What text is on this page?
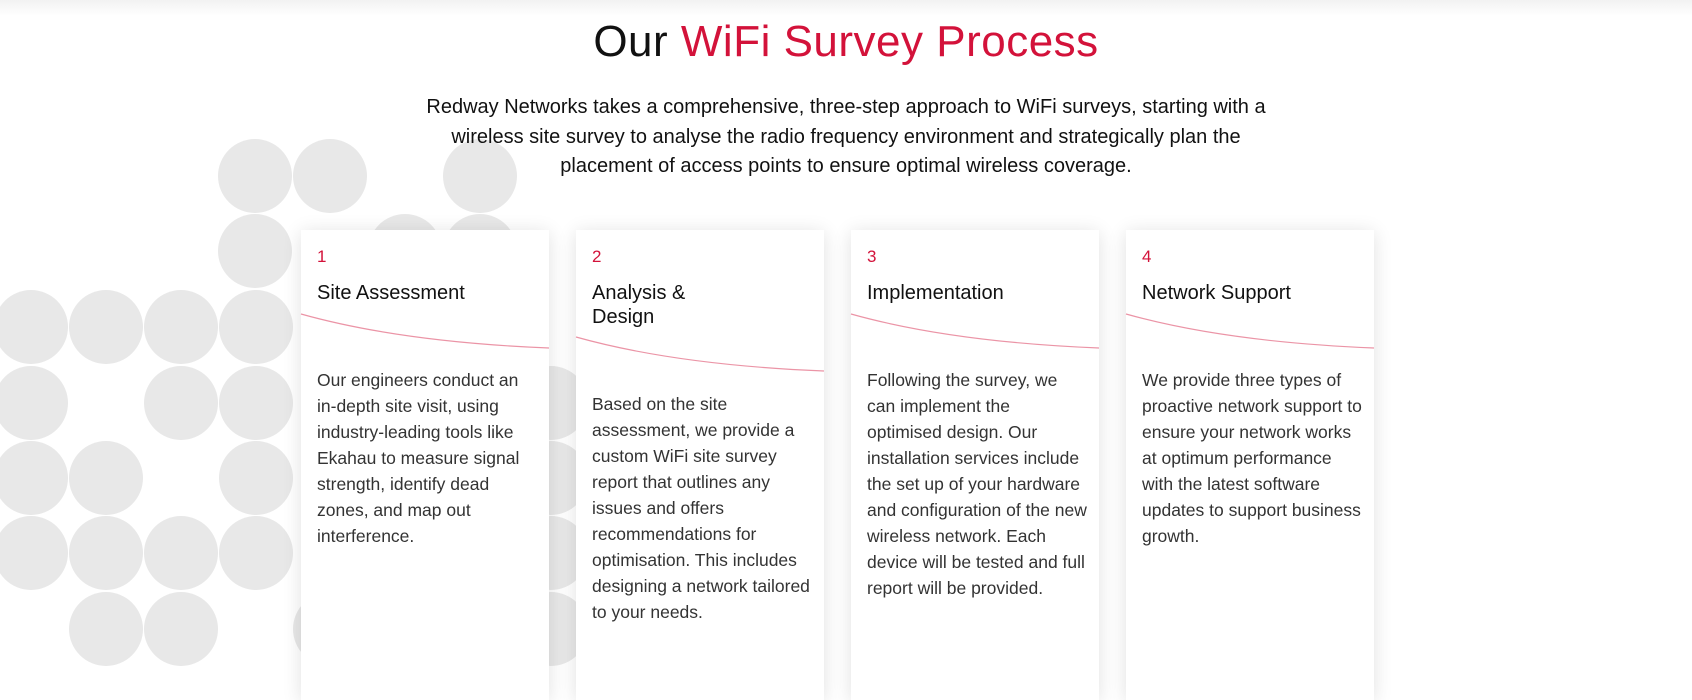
Our WiFi Survey Process

Redway Networks takes a comprehensive, three-step approach to WiFi surveys, starting with a wireless site survey to analyse the radio frequency environment and strategically plan the placement of access points to ensure optimal wireless coverage.

1
Site Assessment
Our engineers conduct an in-depth site visit, using industry-leading tools like Ekahau to measure signal strength, identify dead zones, and map out interference.
2
Analysis & Design
Based on the site assessment, we provide a custom WiFi site survey report that outlines any issues and offers recommendations for optimisation. This includes designing a network tailored to your needs.
3
Implementation
Following the survey, we can implement the optimised design. Our installation services include the set up of your hardware and configuration of the new wireless network. Each device will be tested and full report will be provided.
4
Network Support
We provide three types of proactive network support to ensure your network works at optimum performance with the latest software updates to support business growth.
